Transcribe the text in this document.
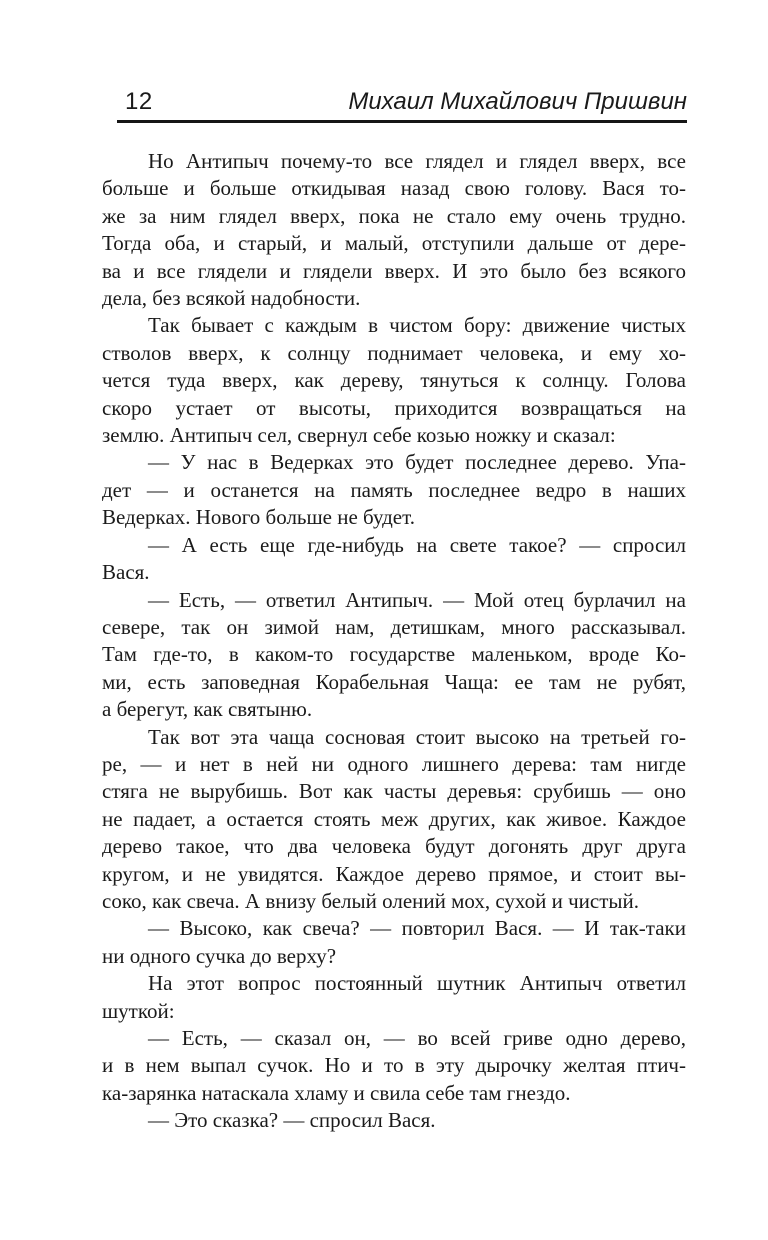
12	Михаил Михайлович Пришвин
Но Антипыч почему-то все глядел и глядел вверх, все
больше и больше откидывая назад свою голову. Вася то-
же за ним глядел вверх, пока не стало ему очень трудно.
Тогда оба, и старый, и малый, отступили дальше от дере-
ва и все глядели и глядели вверх. И это было без всякого
дела, без всякой надобности.
Так бывает с каждым в чистом бору: движение чистых
стволов вверх, к солнцу поднимает человека, и ему хо-
чется туда вверх, как дереву, тянуться к солнцу. Голова
скоро устает от высоты, приходится возвращаться на
землю. Антипыч сел, свернул себе козью ножку и сказал:
— У нас в Ведерках это будет последнее дерево. Упа-
дет — и останется на память последнее ведро в наших
Ведерках. Нового больше не будет.
— А есть еще где-нибудь на свете такое? — спросил
Вася.
— Есть, — ответил Антипыч. — Мой отец бурлачил на
севере, так он зимой нам, детишкам, много рассказывал.
Там где-то, в каком-то государстве маленьком, вроде Ко-
ми, есть заповедная Корабельная Чаща: ее там не рубят,
а берегут, как святыню.
Так вот эта чаща сосновая стоит высоко на третьей го-
ре, — и нет в ней ни одного лишнего дерева: там нигде
стяга не вырубишь. Вот как часты деревья: срубишь — оно
не падает, а остается стоять меж других, как живое. Каждое
дерево такое, что два человека будут догонять друг друга
кругом, и не увидятся. Каждое дерево прямое, и стоит вы-
соко, как свеча. А внизу белый олений мох, сухой и чистый.
— Высоко, как свеча? — повторил Вася. — И так-таки
ни одного сучка до верху?
На этот вопрос постоянный шутник Антипыч ответил
шуткой:
— Есть, — сказал он, — во всей гриве одно дерево,
и в нем выпал сучок. Но и то в эту дырочку желтая птич-
ка-зарянка натаскала хламу и свила себе там гнездо.
— Это сказка? — спросил Вася.
